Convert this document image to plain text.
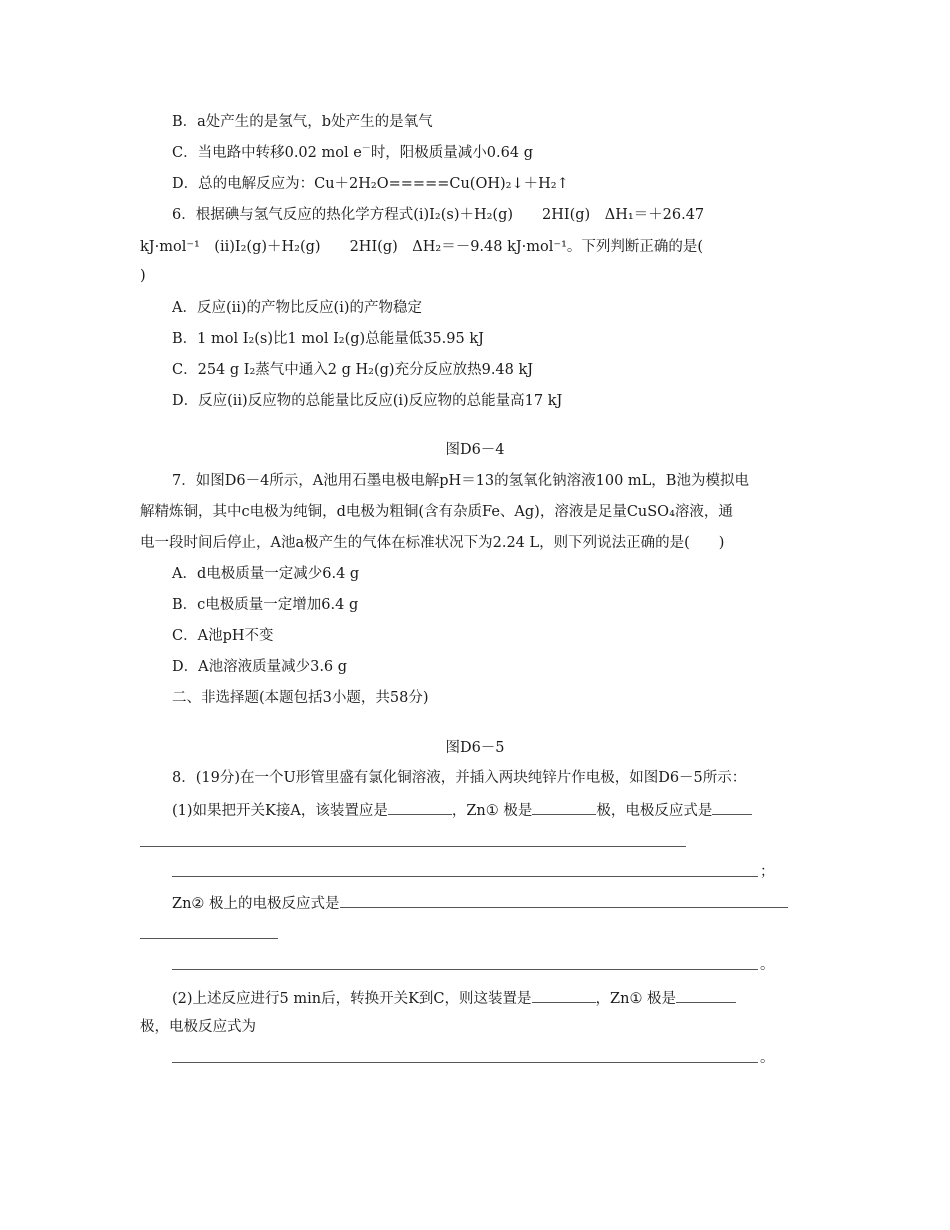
B．a处产生的是氢气，b处产生的是氧气
C．当电路中转移0.02 mol e－时，阳极质量减小0.64 g
D．总的电解反应为：Cu＋2H₂O=====Cu(OH)₂↓＋H₂↑
6．根据碘与氢气反应的热化学方程式(ⅰ)I₂(s)＋H₂(g)　　2HI(g)　ΔH₁＝＋26.47
kJ·mol⁻¹　(ⅱ)I₂(g)＋H₂(g)　　2HI(g)　ΔH₂＝－9.48 kJ·mol⁻¹。下列判断正确的是(
)
A．反应(ⅱ)的产物比反应(ⅰ)的产物稳定
B．1 mol I₂(s)比1 mol I₂(g)总能量低35.95 kJ
C．254 g I₂蒸气中通入2 g H₂(g)充分反应放热9.48 kJ
D．反应(ⅱ)反应物的总能量比反应(ⅰ)反应物的总能量高17 kJ
图D6－4
7．如图D6－4所示，A池用石墨电极电解pH＝13的氢氧化钠溶液100 mL，B池为模拟电
解精炼铜，其中c电极为纯铜，d电极为粗铜(含有杂质Fe、Ag)，溶液是足量CuSO₄溶液，通
电一段时间后停止，A池a极产生的气体在标准状况下为2.24 L，则下列说法正确的是(　　)
A．d电极质量一定减少6.4 g
B．c电极质量一定增加6.4 g
C．A池pH不变
D．A池溶液质量减少3.6 g
二、非选择题(本题包括3小题，共58分)
图D6－5
8．(19分)在一个U形管里盛有氯化铜溶液，并插入两块纯锌片作电极，如图D6－5所示：
(1)如果把开关K接A，该装置应是	，Zn① 极是	极，电极反应式是
；
Zn② 极上的电极反应式是
。
(2)上述反应进行5 min后，转换开关K到C，则这装置是	，Zn① 极是
极，电极反应式为
。
